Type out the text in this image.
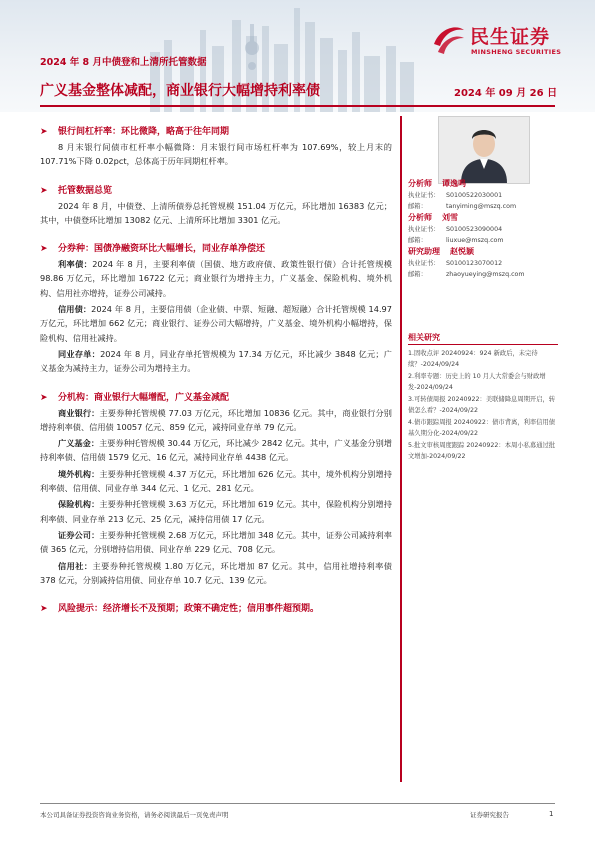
民生证券
MINSHENG SECURITIES
2024 年 8 月中债登和上清所托管数据
广义基金整体减配，商业银行大幅增持利率债	2024 年 09 月 26 日
➤ 银行间杠杆率：环比微降，略高于往年同期
8 月末银行间债市杠杆率小幅微降：月末银行间市场杠杆率为 107.69%，较上月末的 107.71%下降 0.02pct，总体高于历年同期杠杆率。
➤ 托管数据总览
2024 年 8 月，中债登、上清所债券总托管规模 151.04 万亿元，环比增加 16383 亿元；其中，中债登环比增加 13082 亿元、上清所环比增加 3301 亿元。
➤ 分券种：国债净融资环比大幅增长，同业存单净偿还
利率债：2024 年 8 月，主要利率债（国债、地方政府债、政策性银行债）合计托管规模 98.86 万亿元，环比增加 16722 亿元；商业银行为增持主力，广义基金、保险机构、境外机构、信用社亦增持，证券公司减持。
信用债：2024 年 8 月，主要信用债（企业债、中票、短融、超短融）合计托管规模 14.97 万亿元，环比增加 662 亿元；商业银行、证券公司大幅增持，广义基金、境外机构小幅增持，保险机构、信用社减持。
同业存单：2024 年 8 月，同业存单托管规模为 17.34 万亿元，环比减少 3848 亿元；广义基金为减持主力，证券公司为增持主力。
➤ 分机构：商业银行大幅增配，广义基金减配
商业银行：主要券种托管规模 77.03 万亿元，环比增加 10836 亿元。其中，商业银行分别增持利率债、信用债 10057 亿元、859 亿元，减持同业存单 79 亿元。
广义基金：主要券种托管规模 30.44 万亿元，环比减少 2842 亿元。其中，广义基金分别增持利率债、信用债 1579 亿元、16 亿元，减持同业存单 4438 亿元。
境外机构：主要券种托管规模 4.37 万亿元，环比增加 626 亿元。其中，境外机构分别增持利率债、信用债、同业存单 344 亿元、1 亿元、281 亿元。
保险机构：主要券种托管规模 3.63 万亿元，环比增加 619 亿元。其中，保险机构分别增持利率债、同业存单 213 亿元、25 亿元，减持信用债 17 亿元。
证券公司：主要券种托管规模 2.68 万亿元，环比增加 348 亿元。其中，证券公司减持利率债 365 亿元，分别增持信用债、同业存单 229 亿元、708 亿元。
信用社：主要券种托管规模 1.80 万亿元，环比增加 87 亿元。其中，信用社增持利率债 378 亿元，分别减持信用债、同业存单 10.7 亿元、139 亿元。
➤ 风险提示：经济增长不及预期；政策不确定性；信用事件超预期。
分析师 谭逸鸣
执业证书： S0100522030001
邮箱：	tanyiming@mszq.com
分析师 刘雪
执业证书： S0100523090004
邮箱：	liuxue@mszq.com
研究助理 赵悦颖
执业证书： S0100123070012
邮箱：	zhaoyueying@mszq.com
相关研究
1.固收点评 20240924：924 新政后，未完待续？-2024/09/24
2.利率专题：历史上的 10 月人大常委会与财政增发-2024/09/24
3.可转债周报 20240922：美联储降息周期开启，转债怎么看？-2024/09/22
4.债市跟踪周报 20240922：债市背离，利率信用债基久期分化-2024/09/22
5.批文审核周度跟踪 20240922：本周小私募通过批文增加-2024/09/22
本公司具备证券投资咨询业务资格，请务必阅读最后一页免责声明	证券研究报告	1
